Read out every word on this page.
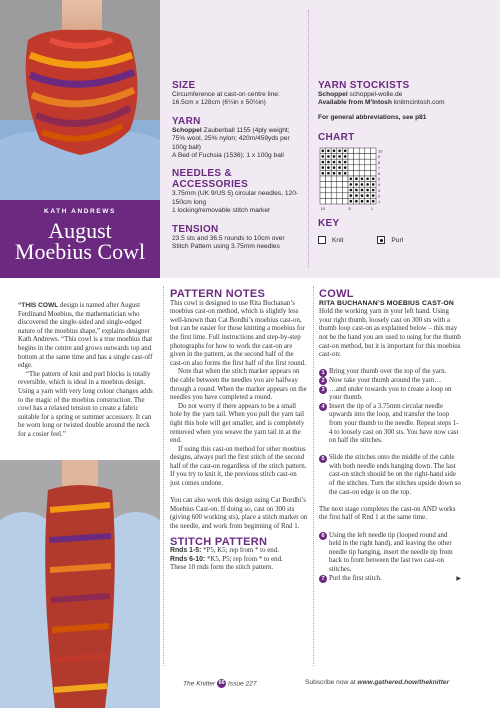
KATH ANDREWS
August
Moebius Cowl

“THIS COWL design is named after August Ferdinand Moebius, the mathematician who discovered the single-sided and single-edged nature of the moebius shape,” explains designer Kath Andrews. “This cowl is a true moebius that begins in the centre and grows outwards top and bottom at the same time and has a single cast-off edge.

“The pattern of knit and purl blocks is totally reversible, which is ideal in a moebius design. Using a yarn with very long colour changes adds to the magic of the moebius construction. The cowl has a relaxed tension to create a fabric suitable for a spring or summer accessory. It can be worn long or twisted double around the neck for a cosier feel.”

SIZE
Circumference at cast-on centre line: 16.5cm x 128cm (6½in x 50½in)
YARN
Schoppel Zauberball 1155 (4ply weight; 75% wool, 25% nylon; 420m/459yds per 100g ball)
A Bed of Fuchsia (1536); 1 x 100g ball
NEEDLES & ACCESSORIES
3.75mm (UK 9/US 5) circular needles, 120-150cm long
1 locking/removable stitch marker
TENSION
23.5 sts and 36.5 rounds to 10cm over Stitch Pattern using 3.75mm needles
YARN STOCKISTS
Schoppel schoppel-wolle.de
Available from M'Intosh knitmcintosh.com
For general abbreviations, see p81
CHART
10
9
8
7
6
5
4
3
2
1
10	5	1
KEY
Knit	Purl
PATTERN NOTES

This cowl is designed to use Rita Buchanan’s moebius cast-on method, which is slightly less well-known than Cat Bordhi’s moebius cast-on, but can be easier for those knitting a moebius for the first time. Full instructions and step-by-step photographs for how to work the cast-on are given in the pattern, as the second half of the cast-on also forms the first half of the first round.

Note that when the stitch marker appears on the cable between the needles you are halfway through a round. When the marker appears on the needles you have completed a round.

Do not worry if there appears to be a small hole by the yarn tail. When you pull the yarn tail tight this hole will get smaller, and is completely removed when you weave the yarn tail in at the end.

If using this cast-on method for other moebius designs, always purl the first stitch of the second half of the cast-on regardless of the stitch pattern. If you try to knit it, the previous stitch cast-on just comes undone.

You can also work this design using Cat Bordhi’s Moebius Cast-on. If doing so, cast on 300 sts (giving 600 working sts), place a stitch marker on the needle, and work from beginning of Rnd 1.

STITCH PATTERN

Rnds 1-5: *P5, K5; rep from * to end.

Rnds 6-10: *K5, P5; rep from * to end.

These 10 rnds form the stitch pattern.

COWL
RITA BUCHANAN’S MOEBIUS CAST-ON

Hold the working yarn in your left hand. Using your right thumb, loosely cast on 300 sts with a thumb loop cast-on as explained below – this may not be the hand you are used to using for the thumb cast-on method, but it is important for this moebius cast-on:

1 Bring your thumb over the top of the yarn.
2 Now take your thumb around the yarn…
3 …and under towards you to create a loop on your thumb.
4 Insert the tip of a 3.75mm circular needle upwards into the loop, and transfer the loop from your thumb to the needle. Repeat steps 1-4 to loosely cast on 300 sts. You have now cast on half the stitches.
5 Slide the stitches onto the middle of the cable with both needle ends hanging down. The last cast-on stitch should be on the right-hand side of the stitches. Turn the stitches upside down so the cast-on edge is on the top.

The next stage completes the cast-on AND works the first half of Rnd 1 at the same time.

6 Using the left needle tip (looped round and held in the right hand), and leaving the other needle tip hanging, insert the needle tip from back to front between the last two cast-on stitches.
7 Purl the first stitch.	▶
The Knitter 66 Issue 227	Subscribe now at www.gathered.how/theknitter
